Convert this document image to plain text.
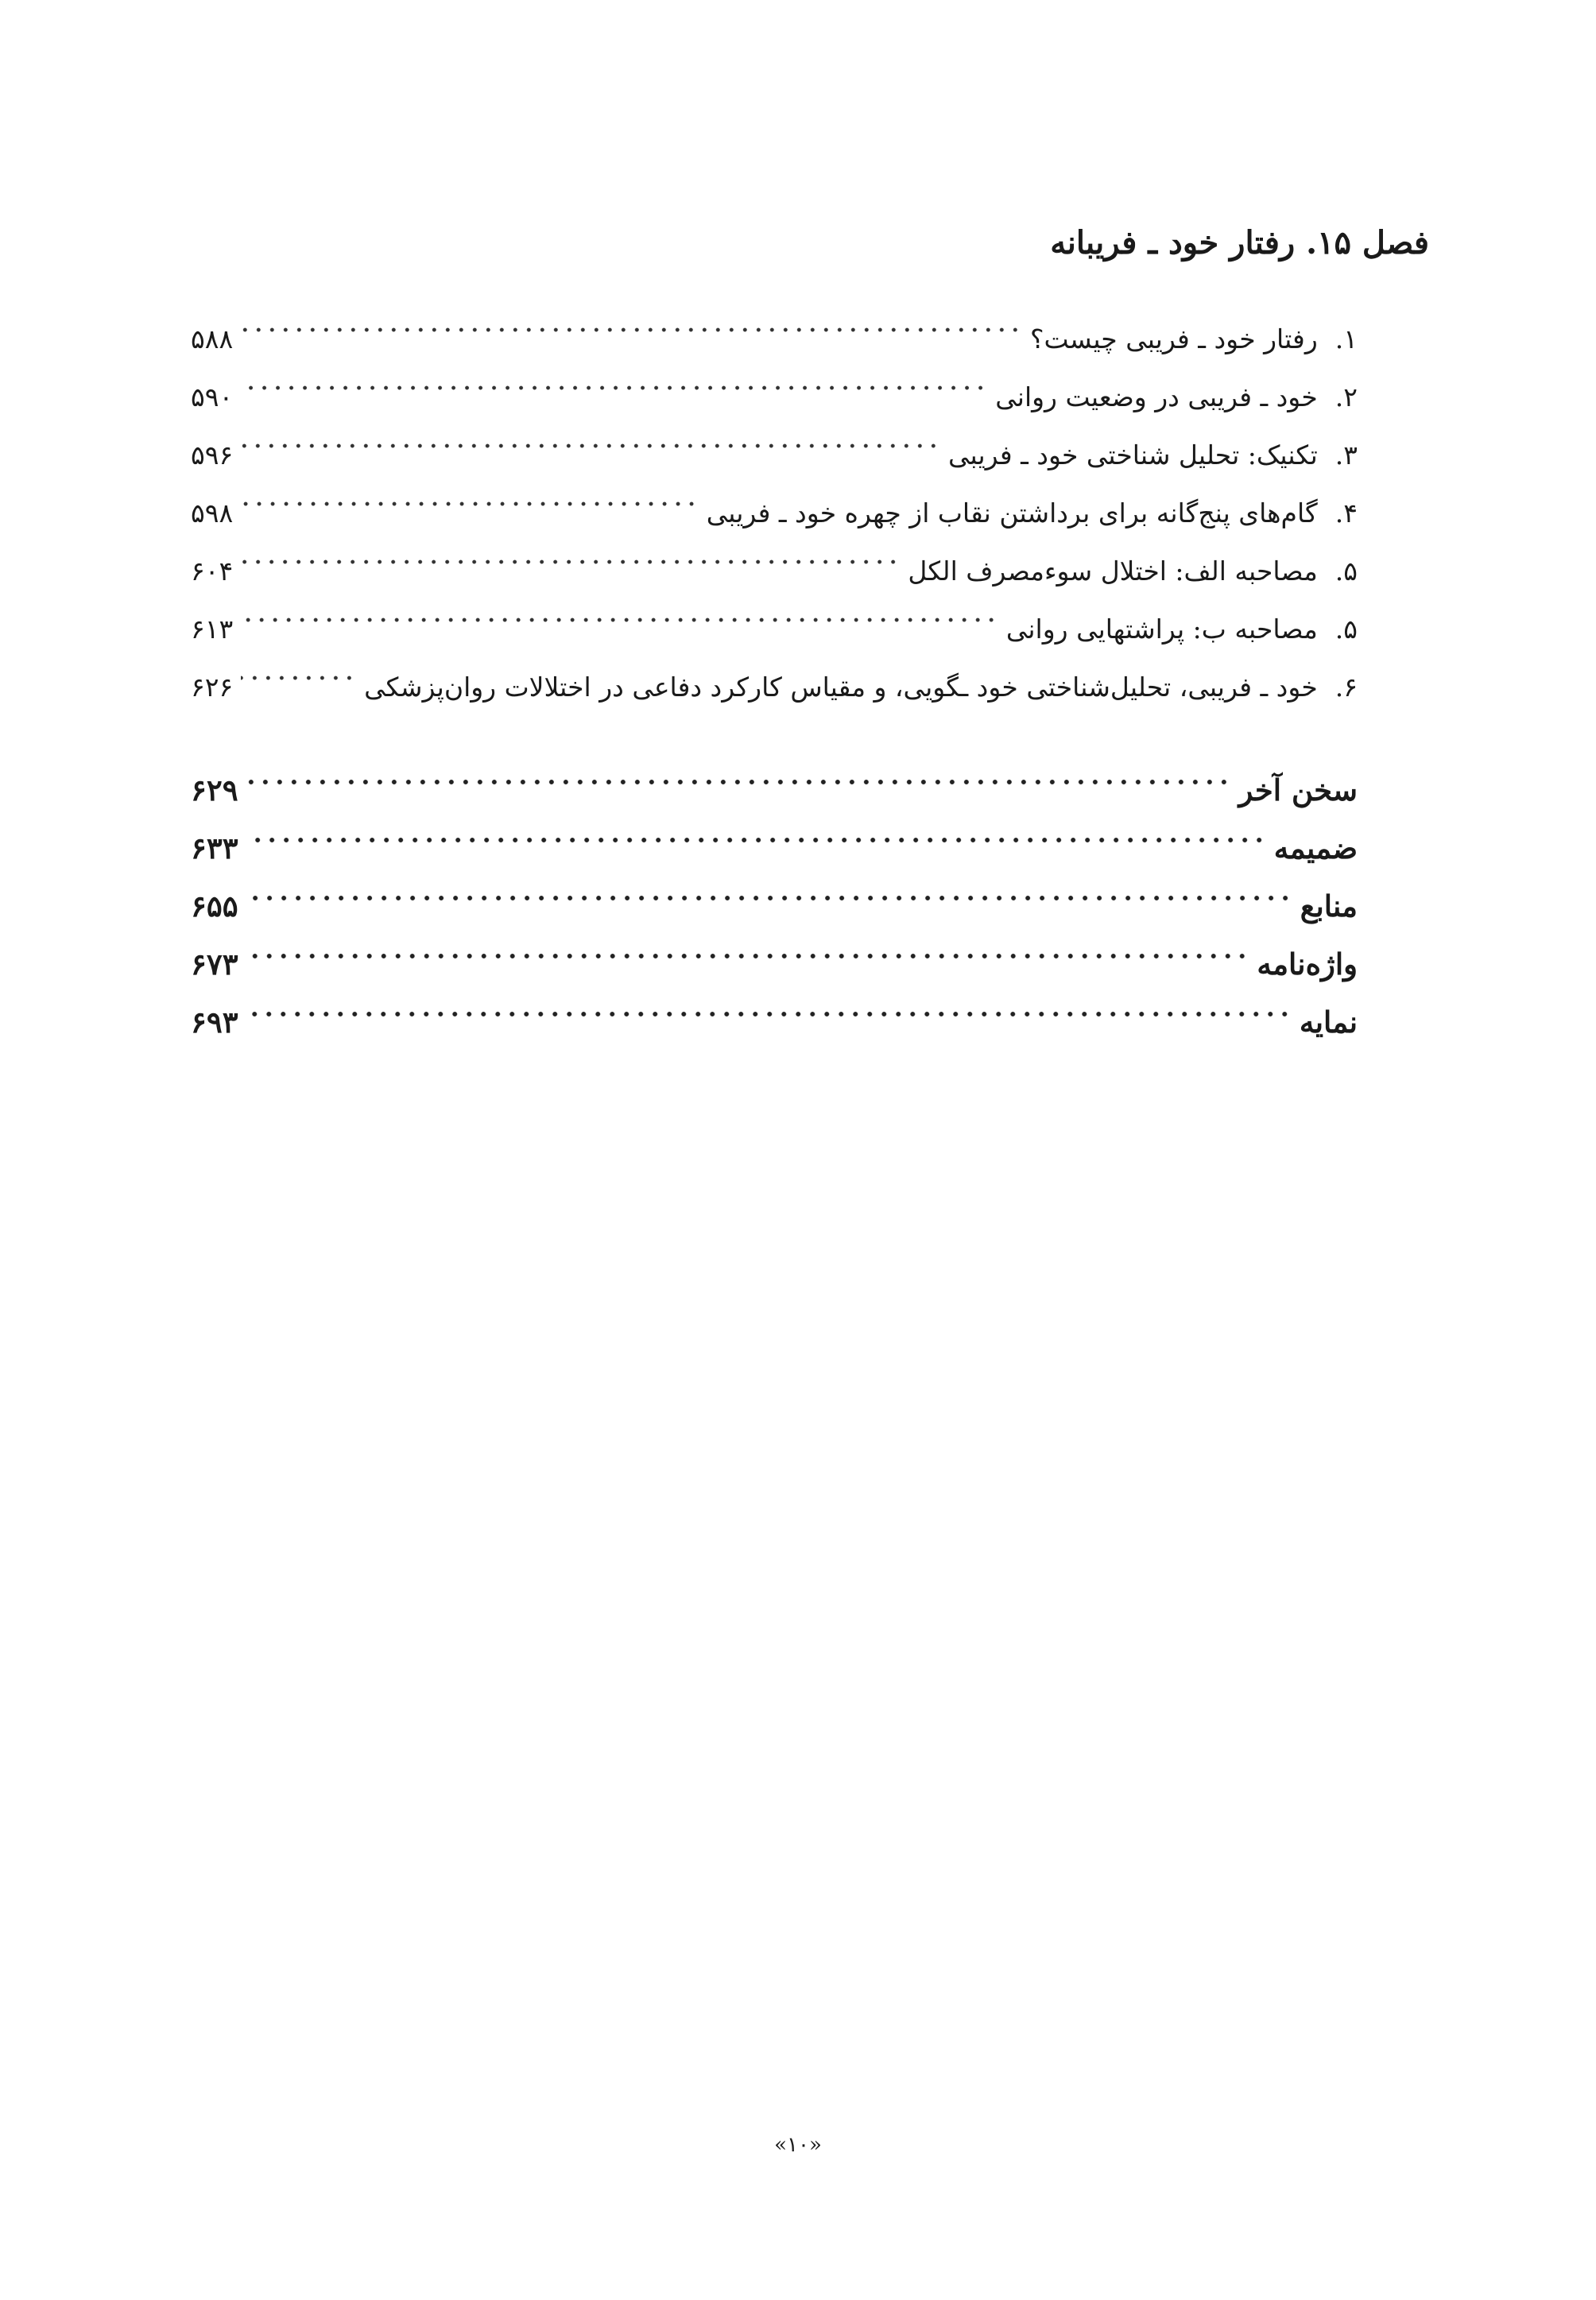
فصل ۱۵. رفتار خود ـ فریبانه
۱.
رفتار خود ـ فریبی چیست؟
۵۸۸
۲.
خود ـ فریبی در وضعیت روانی
۵۹۰
۳.
تکنیک: تحلیل شناختی خود ـ فریبی
۵۹۶
۴.
گام‌های پنج‌گانه برای برداشتن نقاب از چهره خود ـ فریبی
۵۹۸
۵.
مصاحبه الف: اختلال سوءمصرف الکل
۶۰۴
۵.
مصاحبه ب: پراشتهایی روانی
۶۱۳
۶.
خود ـ فریبی، تحلیل‌شناختی خود ـگویی، و مقیاس کارکرد دفاعی در اختلالات روان‌پزشکی
۶۲۶
سخن آخر
۶۲۹
ضمیمه
۶۳۳
منابع
۶۵۵
واژه‌نامه
۶۷۳
نمایه
۶۹۳
«۱۰»
